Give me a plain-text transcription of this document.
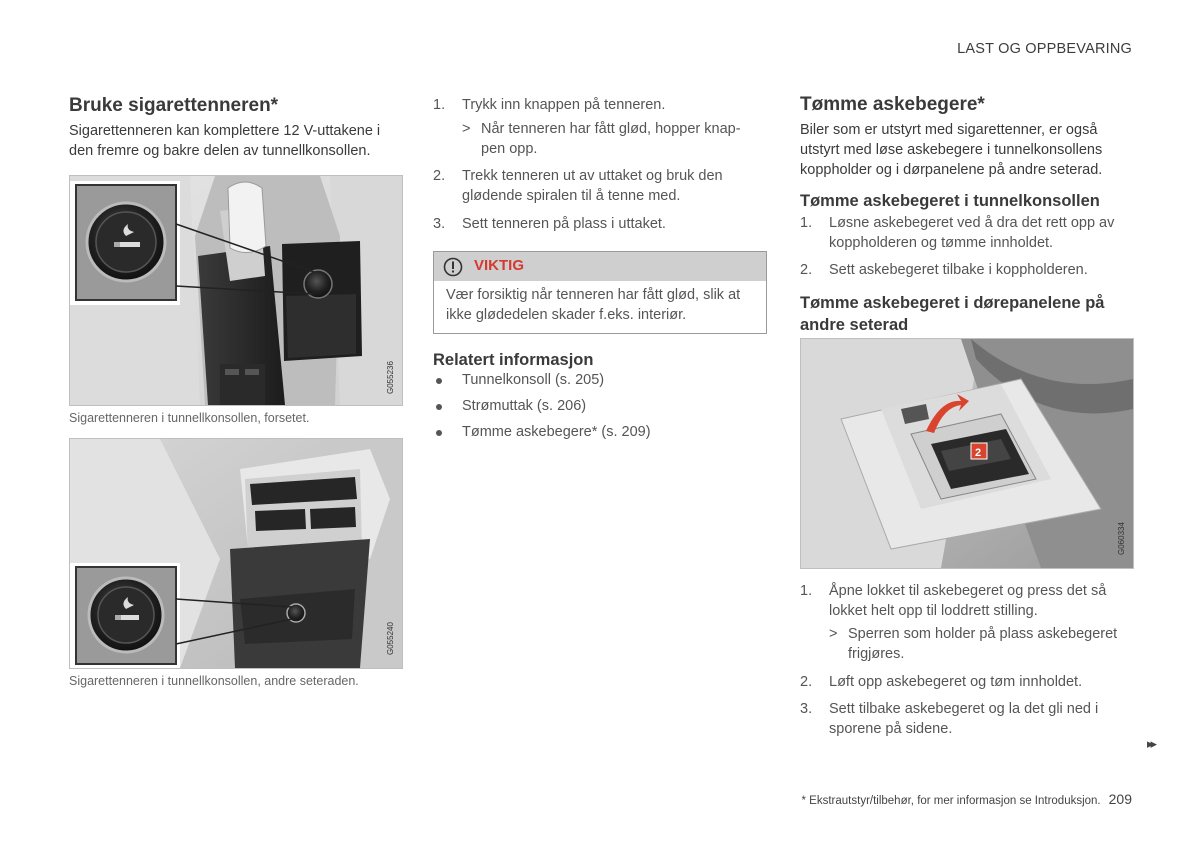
LAST OG OPPBEVARING
Bruke sigarettenneren*
Sigarettenneren kan komplettere 12 V-uttakene i
den fremre og bakre delen av tunnellkonsollen.
G055236
Sigarettenneren i tunnellkonsollen, forsetet.
G055240
Sigarettenneren i tunnellkonsollen, andre seteraden.
1. Trykk inn knappen på tenneren.
> Når tenneren har fått glød, hopper knap-
pen opp.
2. Trekk tenneren ut av uttaket og bruk den
glødende spiralen til å tenne med.
3. Sett tenneren på plass i uttaket.
VIKTIG
Vær forsiktig når tenneren har fått glød, slik at
ikke glødedelen skader f.eks. interiør.
Relatert informasjon
Tunnelkonsoll (s. 205)
Strømuttak (s. 206)
Tømme askebegere* (s. 209)
Tømme askebegere*
Biler som er utstyrt med sigarettenner, er også
utstyrt med løse askebegere i tunnelkonsollens
koppholder og i dørpanelene på andre seterad.
Tømme askebegeret i tunnelkonsollen
1. Løsne askebegeret ved å dra det rett opp av
koppholderen og tømme innholdet.
2. Sett askebegeret tilbake i koppholderen.
Tømme askebegeret i dørepanelene på
andre seterad
2
G060334
1. Åpne lokket til askebegeret og press det så
lokket helt opp til loddrett stilling.
> Sperren som holder på plass askebegeret
frigjøres.
2. Løft opp askebegeret og tøm innholdet.
3. Sett tilbake askebegeret og la det gli ned i
sporene på sidene.
▸▸
* Ekstrautstyr/tilbehør, for mer informasjon se Introduksjon. 209
